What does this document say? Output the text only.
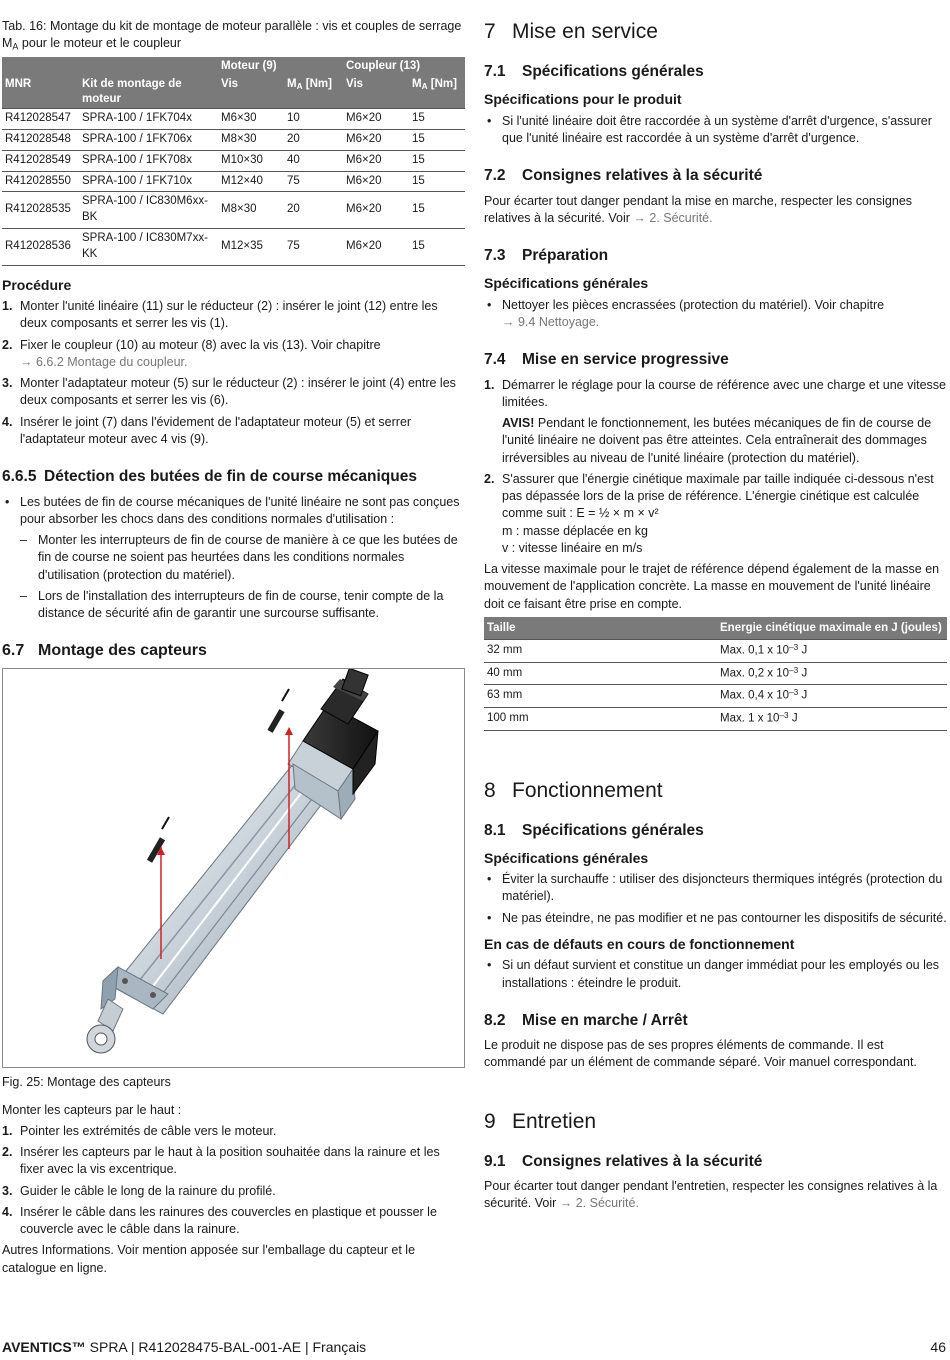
Tab. 16: Montage du kit de montage de moteur parallèle : vis et couples de serrage $M_A$ pour le moteur et le coupleur
		Moteur (9)		Coupleur (13)	
MNR	Kit de montage de moteur	Vis	$M_A$ [Nm]	Vis	$M_A$ [Nm]
R412028547	SPRA-100 / 1FK704x	M6×30	10	M6×20	15
R412028548	SPRA-100 / 1FK706x	M8×30	20	M6×20	15
R412028549	SPRA-100 / 1FK708x	M10×30	40	M6×20	15
R412028550	SPRA-100 / 1FK710x	M12×40	75	M6×20	15
R412028535	SPRA-100 / IC830M6xx-BK	M8×30	20	M6×20	15
R412028536	SPRA-100 / IC830M7xx-KK	M12×35	75	M6×20	15
Procédure
1. Monter l'unité linéaire (11) sur le réducteur (2) : insérer le joint (12) entre les deux composants et serrer les vis (1).
2. Fixer le coupleur (10) au moteur (8) avec la vis (13). Voir chapitre
→ 6.6.2 Montage du coupleur.
3. Monter l'adaptateur moteur (5) sur le réducteur (2) : insérer le joint (4) entre les deux composants et serrer les vis (6).
4. Insérer le joint (7) dans l'évidement de l'adaptateur moteur (5) et serrer l'adaptateur moteur avec 4 vis (9).
6.6.5 Détection des butées de fin de course mécaniques
• Les butées de fin de course mécaniques de l'unité linéaire ne sont pas conçues pour absorber les chocs dans des conditions normales d'utilisation :
– Monter les interrupteurs de fin de course de manière à ce que les butées de fin de course ne soient pas heurtées dans les conditions normales d'utilisation (protection du matériel).
– Lors de l'installation des interrupteurs de fin de course, tenir compte de la distance de sécurité afin de garantir une surcourse suffisante.
6.7 Montage des capteurs

Fig. 25: Montage des capteurs

Monter les capteurs par le haut :

1. Pointer les extrémités de câble vers le moteur.
2. Insérer les capteurs par le haut à la position souhaitée dans la rainure et les fixer avec la vis excentrique.
3. Guider le câble le long de la rainure du profilé.
4. Insérer le câble dans les rainures des couvercles en plastique et pousser le couvercle avec le câble dans la rainure.

Autres Informations. Voir mention apposée sur l'emballage du capteur et le catalogue en ligne.

7 Mise en service
7.1 Spécifications générales
Spécifications pour le produit
• Si l'unité linéaire doit être raccordée à un système d'arrêt d'urgence, s'assurer que l'unité linéaire est raccordée à un système d'arrêt d'urgence.
7.2 Consignes relatives à la sécurité

Pour écarter tout danger pendant la mise en marche, respecter les consignes relatives à la sécurité. Voir → 2. Sécurité.

7.3 Préparation
Spécifications générales
• Nettoyer les pièces encrassées (protection du matériel). Voir chapitre
→ 9.4 Nettoyage.
7.4 Mise en service progressive
1. Démarrer le réglage pour la course de référence avec une charge et une vitesse limitées.

AVIS! Pendant le fonctionnement, les butées mécaniques de fin de course de l'unité linéaire ne doivent pas être atteintes. Cela entraînerait des dommages irréversibles au niveau de l'unité linéaire (protection du matériel).

2. S'assurer que l'énergie cinétique maximale par taille indiquée ci-dessous n'est pas dépassée lors de la prise de référence. L'énergie cinétique est calculée comme suit : E = ½ × m × v²
m : masse déplacée en kg
v : vitesse linéaire en m/s

La vitesse maximale pour le trajet de référence dépend également de la masse en mouvement de l'application concrète. La masse en mouvement de l'unité linéaire doit ce faisant être prise en compte.

Taille	Energie cinétique maximale en J (joules)
32 mm	Max. 0,1 x $10^{-3}$ J
40 mm	Max. 0,2 x $10^{-3}$ J
63 mm	Max. 0,4 x $10^{-3}$ J
100 mm	Max. 1 x $10^{-3}$ J
8 Fonctionnement
8.1 Spécifications générales
Spécifications générales
• Éviter la surchauffe : utiliser des disjoncteurs thermiques intégrés (protection du matériel).
• Ne pas éteindre, ne pas modifier et ne pas contourner les dispositifs de sécurité.
En cas de défauts en cours de fonctionnement
• Si un défaut survient et constitue un danger immédiat pour les employés ou les installations : éteindre le produit.
8.2 Mise en marche / Arrêt

Le produit ne dispose pas de ses propres éléments de commande. Il est commandé par un élément de commande séparé. Voir manuel correspondant.

9 Entretien
9.1 Consignes relatives à la sécurité

Pour écarter tout danger pendant l'entretien, respecter les consignes relatives à la sécurité. Voir → 2. Sécurité.

AVENTICS™ SPRA | R412028475-BAL-001-AE | Français	46
